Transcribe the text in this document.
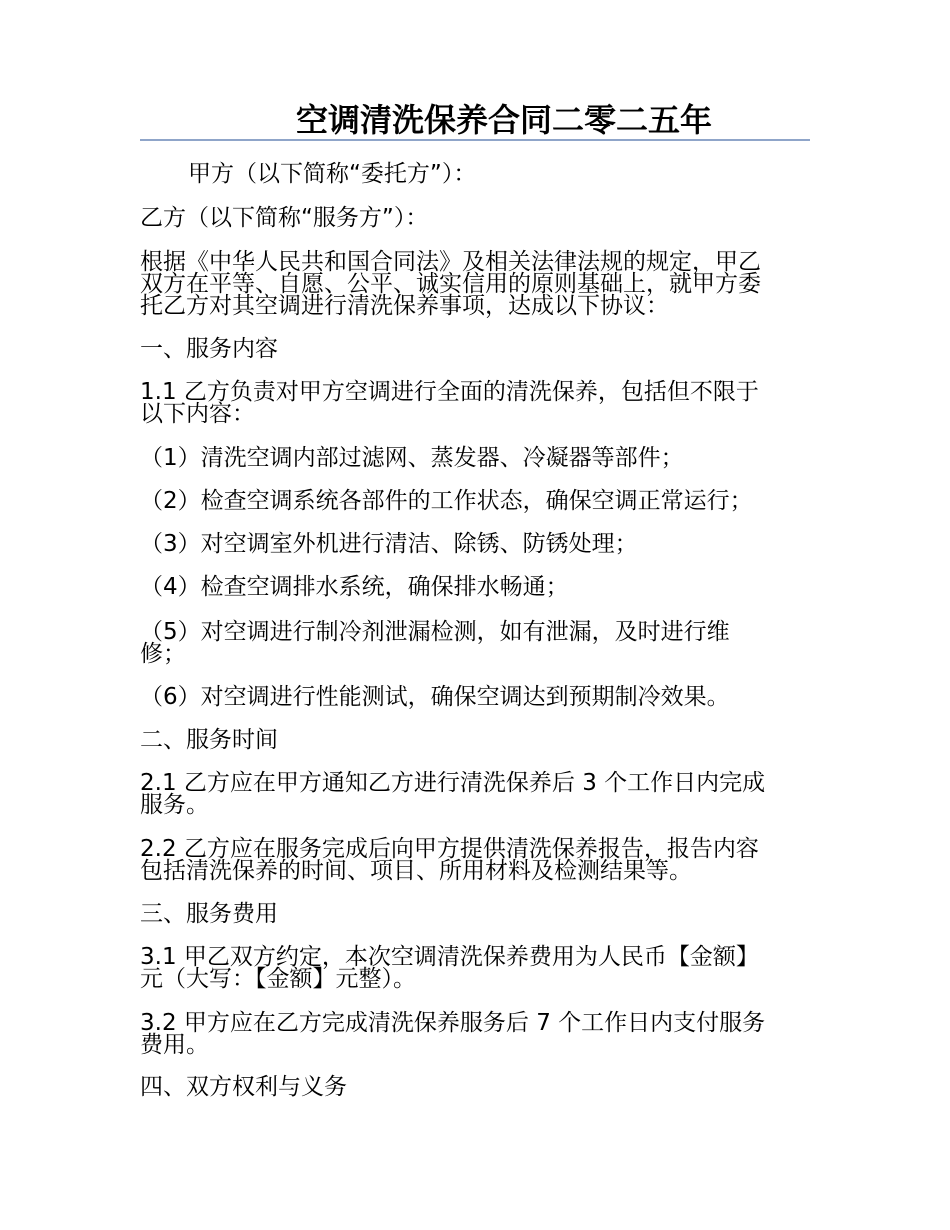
空调清洗保养合同二零二五年

甲方（以下简称“委托方”）：

乙方（以下简称“服务方”）：

根据《中华人民共和国合同法》及相关法律法规的规定，甲乙

双方在平等、自愿、公平、诚实信用的原则基础上，就甲方委

托乙方对其空调进行清洗保养事项，达成以下协议：

一、服务内容

1.1 乙方负责对甲方空调进行全面的清洗保养，包括但不限于

以下内容：

（1）清洗空调内部过滤网、蒸发器、冷凝器等部件；

（2）检查空调系统各部件的工作状态，确保空调正常运行；

（3）对空调室外机进行清洁、除锈、防锈处理；

（4）检查空调排水系统，确保排水畅通；

（5）对空调进行制冷剂泄漏检测，如有泄漏，及时进行维

修；

（6）对空调进行性能测试，确保空调达到预期制冷效果。

二、服务时间

2.1 乙方应在甲方通知乙方进行清洗保养后 3 个工作日内完成

服务。

2.2 乙方应在服务完成后向甲方提供清洗保养报告，报告内容

包括清洗保养的时间、项目、所用材料及检测结果等。

三、服务费用

3.1 甲乙双方约定，本次空调清洗保养费用为人民币【金额】

元（大写：【金额】元整）。

3.2 甲方应在乙方完成清洗保养服务后 7 个工作日内支付服务

费用。

四、双方权利与义务
